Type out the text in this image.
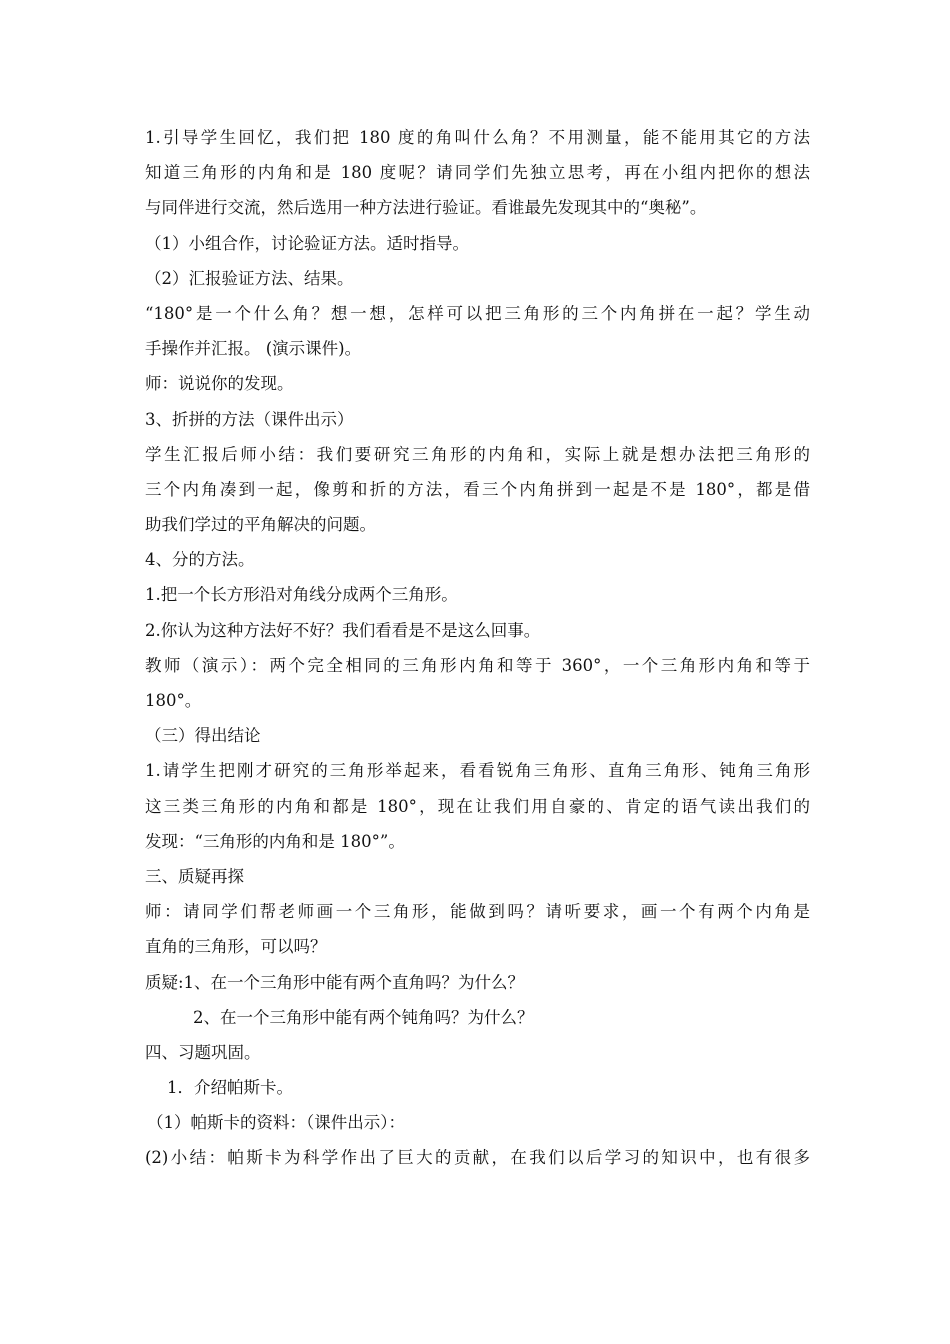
1.引导学生回忆，我们把 180 度的角叫什么角？不用测量，能不能用其它的方法
知道三角形的内角和是 180 度呢？请同学们先独立思考，再在小组内把你的想法
与同伴进行交流，然后选用一种方法进行验证。看谁最先发现其中的“奥秘”。
（1）小组合作，讨论验证方法。适时指导。
（2）汇报验证方法、结果。
“180°是一个什么角？想一想，怎样可以把三角形的三个内角拼在一起？学生动
手操作并汇报。 (演示课件)。
师：说说你的发现。
3、折拼的方法（课件出示）
学生汇报后师小结：我们要研究三角形的内角和，实际上就是想办法把三角形的
三个内角凑到一起，像剪和折的方法，看三个内角拼到一起是不是 180°，都是借
助我们学过的平角解决的问题。
4、分的方法。
1.把一个长方形沿对角线分成两个三角形。
2.你认为这种方法好不好？我们看看是不是这么回事。
教师（演示）：两个完全相同的三角形内角和等于 360°，一个三角形内角和等于
180°。
（三）得出结论
1.请学生把刚才研究的三角形举起来，看看锐角三角形、直角三角形、钝角三角形
这三类三角形的内角和都是 180°，现在让我们用自豪的、肯定的语气读出我们的
发现：“三角形的内角和是 180°”。
三、质疑再探
师：请同学们帮老师画一个三角形，能做到吗？请听要求，画一个有两个内角是
直角的三角形，可以吗？
质疑:1、在一个三角形中能有两个直角吗？为什么？
2、在一个三角形中能有两个钝角吗？为什么？
四、习题巩固。
1．介绍帕斯卡。
（1）帕斯卡的资料：（课件出示）：
(2)小结：帕斯卡为科学作出了巨大的贡献，在我们以后学习的知识中，也有很多
